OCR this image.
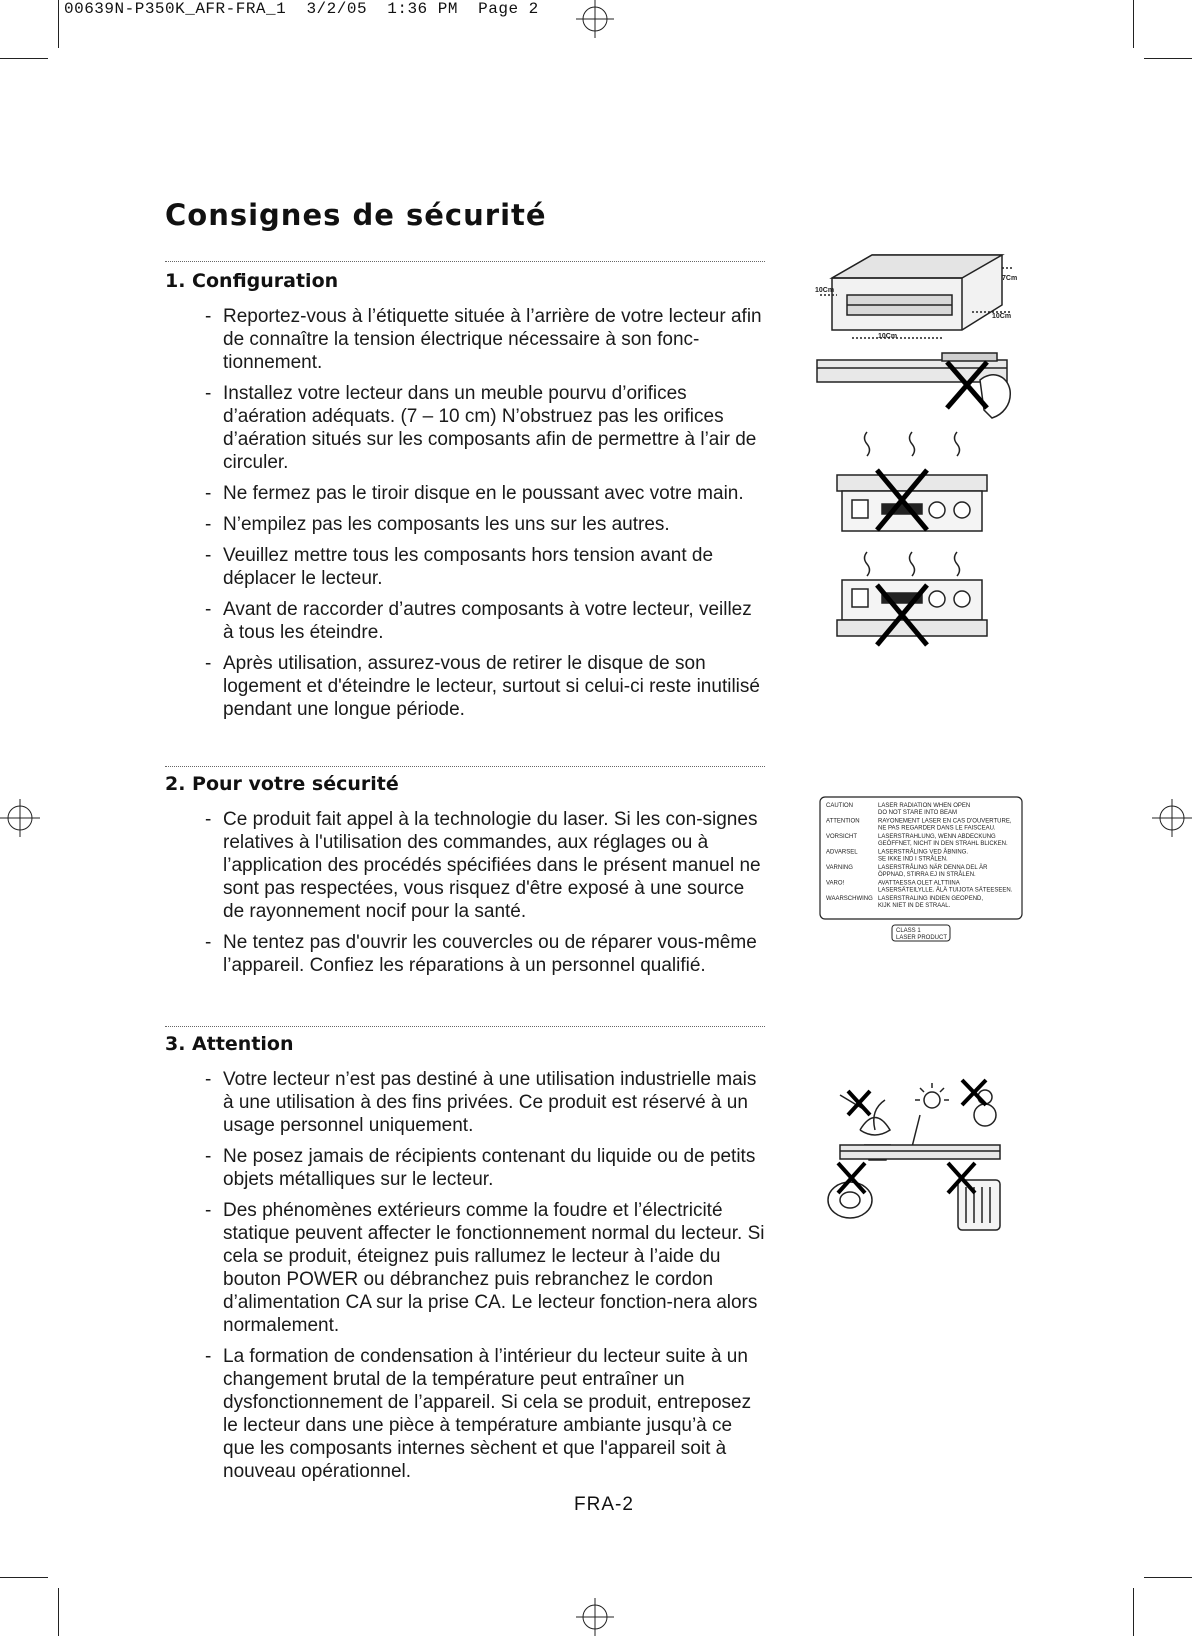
00639N-P350K_AFR-FRA_1  3/2/05  1:36 PM  Page 2
Consignes de sécurité
1. Configuration
- Reportez-vous à l’étiquette située à l’arrière de votre lecteur afin de connaître la tension électrique nécessaire à son fonc-tionnement.
- Installez votre lecteur dans un meuble pourvu d’orifices d’aération adéquats. (7 – 10 cm) N’obstruez pas les orifices d’aération situés sur les composants afin de permettre à l’air de circuler.
- Ne fermez pas le tiroir disque en le poussant avec votre main.
- N’empilez pas les composants les uns sur les autres.
- Veuillez mettre tous les composants hors tension avant de déplacer le lecteur.
- Avant de raccorder d’autres composants à votre lecteur, veillez à tous les éteindre.
- Après utilisation, assurez-vous de retirer le disque de son logement et d'éteindre le lecteur, surtout si celui-ci reste inutilisé pendant une longue période.
2. Pour votre sécurité
- Ce produit fait appel à la technologie du laser. Si les con-signes relatives à l'utilisation des commandes, aux réglages ou à l’application des procédés spécifiées dans le présent manuel ne sont pas respectées, vous risquez d'être exposé à une source de rayonnement nocif pour la santé.
- Ne tentez pas d'ouvrir les couvercles ou de réparer vous-même l’appareil. Confiez les réparations à un personnel qualifié.
3. Attention
- Votre lecteur n’est pas destiné à une utilisation industrielle mais à une utilisation à des fins privées. Ce produit est réservé à un usage personnel uniquement.
- Ne posez jamais de récipients contenant du liquide ou de petits objets métalliques sur le lecteur.
- Des phénomènes extérieurs comme la foudre et l’électricité statique peuvent affecter le fonctionnement normal du lecteur. Si cela se produit, éteignez puis rallumez le lecteur à l’aide du bouton POWER ou débranchez puis rebranchez le cordon d’alimentation CA sur la prise CA. Le lecteur fonction-nera alors normalement.
- La formation de condensation à l’intérieur du lecteur suite à un changement brutal de la température peut entraîner un dysfonctionnement de l’appareil. Si cela se produit, entreposez le lecteur dans une pièce à température ambiante jusqu’à ce que les composants internes sèchent et que l'appareil soit à nouveau opérationnel.
10Cm
7Cm
10Cm
10Cm
CAUTION	LASER RADIATION WHEN OPEN
DO NOT STARE INTO BEAM
ATTENTION	RAYONEMENT LASER EN CAS D'OUVERTURE,
NE PAS REGARDER DANS LE FAISCEAU.
VORSICHT	LASERSTRAHLUNG, WENN ABDECKUNG
GEÖFFNET, NICHT IN DEN STRAHL BLICKEN.
ADVARSEL	LASERSTRÅLING VED ÅBNING.
SE IKKE IND I STRÅLEN.
VARNING	LASERSTRÅLING NÄR DENNA DEL ÄR
ÖPPNAD, STIRRA EJ IN STRÅLEN.
VARO!	AVATTAESSA OLET ALTTIINA
LASERSÄTEILYLLE. ÄLÄ TUIJOTA SÄTEESEEN.
WAARSCHWING LASERSTRALING INDIEN GEOPEND,
KIJK NIET IN DE STRAAL.
CLASS 1
LASER PRODUCT
FRA-2
